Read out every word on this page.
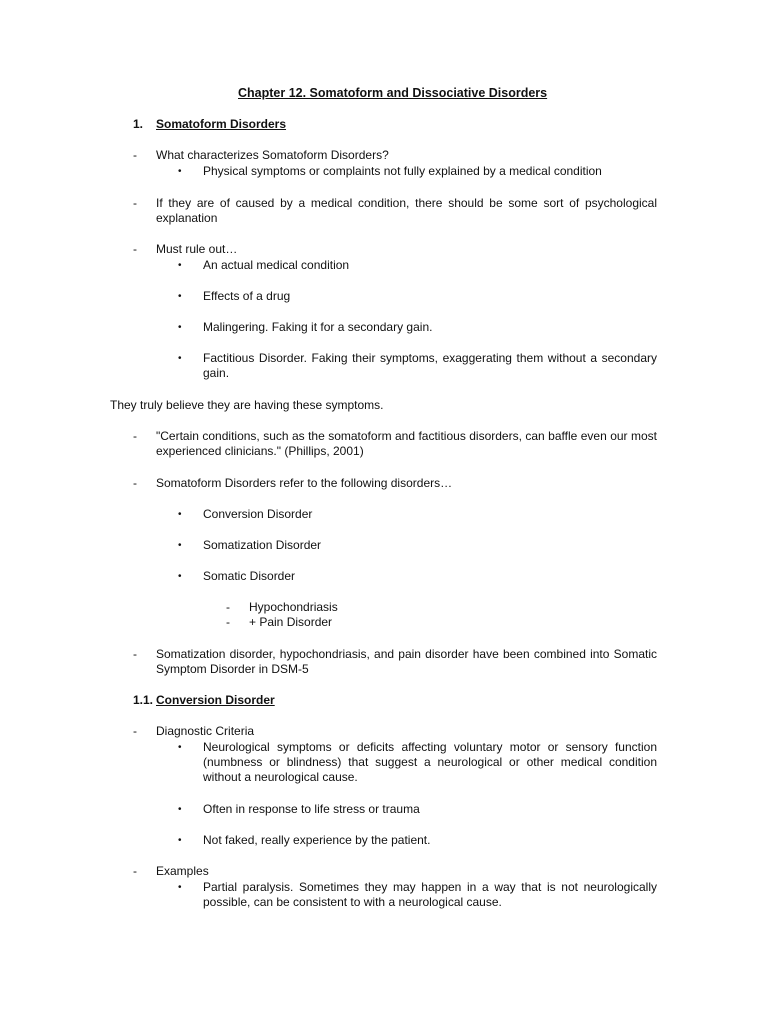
Chapter 12. Somatoform and Dissociative Disorders
1. Somatoform Disorders
- What characterizes Somatoform Disorders?
• Physical symptoms or complaints not fully explained by a medical condition
- If they are of caused by a medical condition, there should be some sort of psychological explanation
- Must rule out…
• An actual medical condition
• Effects of a drug
• Malingering. Faking it for a secondary gain.
• Factitious Disorder. Faking their symptoms, exaggerating them without a secondary gain.
They truly believe they are having these symptoms.
- "Certain conditions, such as the somatoform and factitious disorders, can baffle even our most experienced clinicians." (Phillips, 2001)
- Somatoform Disorders refer to the following disorders…
• Conversion Disorder
• Somatization Disorder
• Somatic Disorder
- Hypochondriasis
- + Pain Disorder
- Somatization disorder, hypochondriasis, and pain disorder have been combined into Somatic Symptom Disorder in DSM-5
1.1. Conversion Disorder
- Diagnostic Criteria
• Neurological symptoms or deficits affecting voluntary motor or sensory function (numbness or blindness) that suggest a neurological or other medical condition without a neurological cause.
• Often in response to life stress or trauma
• Not faked, really experience by the patient.
- Examples
• Partial paralysis. Sometimes they may happen in a way that is not neurologically possible, can be consistent to with a neurological cause.
